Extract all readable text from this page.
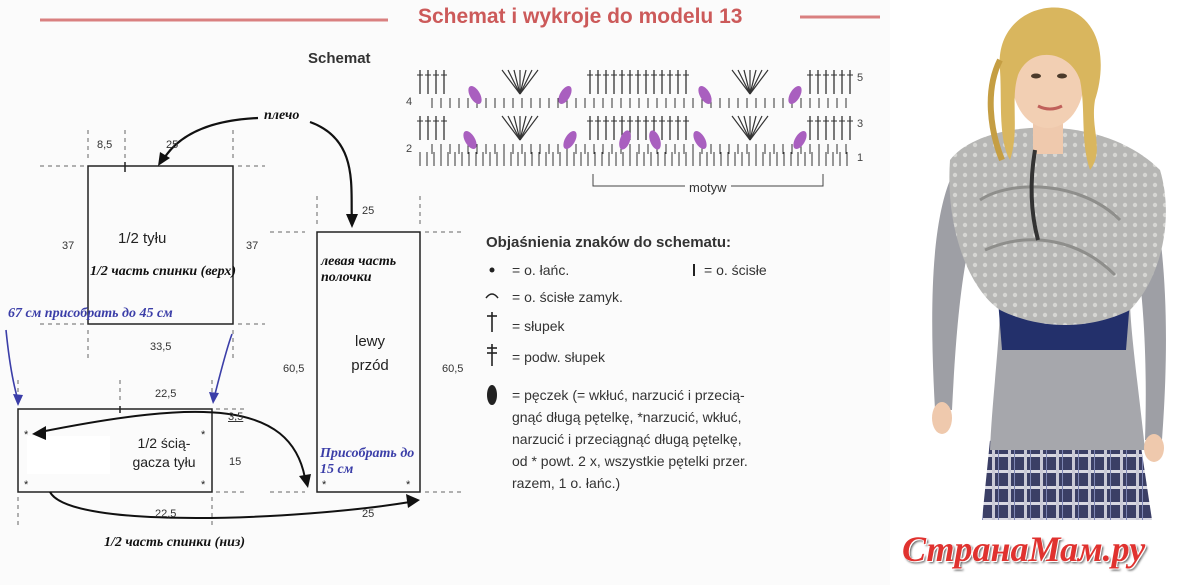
*	*
*	*	*	*
Schemat i wykroje do modelu 13
Schemat
5
3
1
4
2
motyw
8,5	25
37	37
33,5
1/2 tyłu
1/2 часть спинки (верх)
67 см присобрать до 45 см
плечо
22,5
3,5
15
22,5
1/2 ścią-gacza tyłu
1/2 часть спинки (низ)
25
60,5	60,5
25
левая часть полочки
lewy przód
Присобрать до 15 см
Objaśnienia znaków do schematu:
= o. łańc.	= o. ścisłe
= o. ścisłe zamyk.
= słupek
= podw. słupek
= pęczek (= wkłuć, narzucić i przecią-
gnąć długą pętelkę, *narzucić, wkłuć,
narzucić i przeciągnąć długą pętelkę,
od * powt. 2 x, wszystkie pętelki przer.
razem, 1 o. łańc.)
СтранаМам.ру
